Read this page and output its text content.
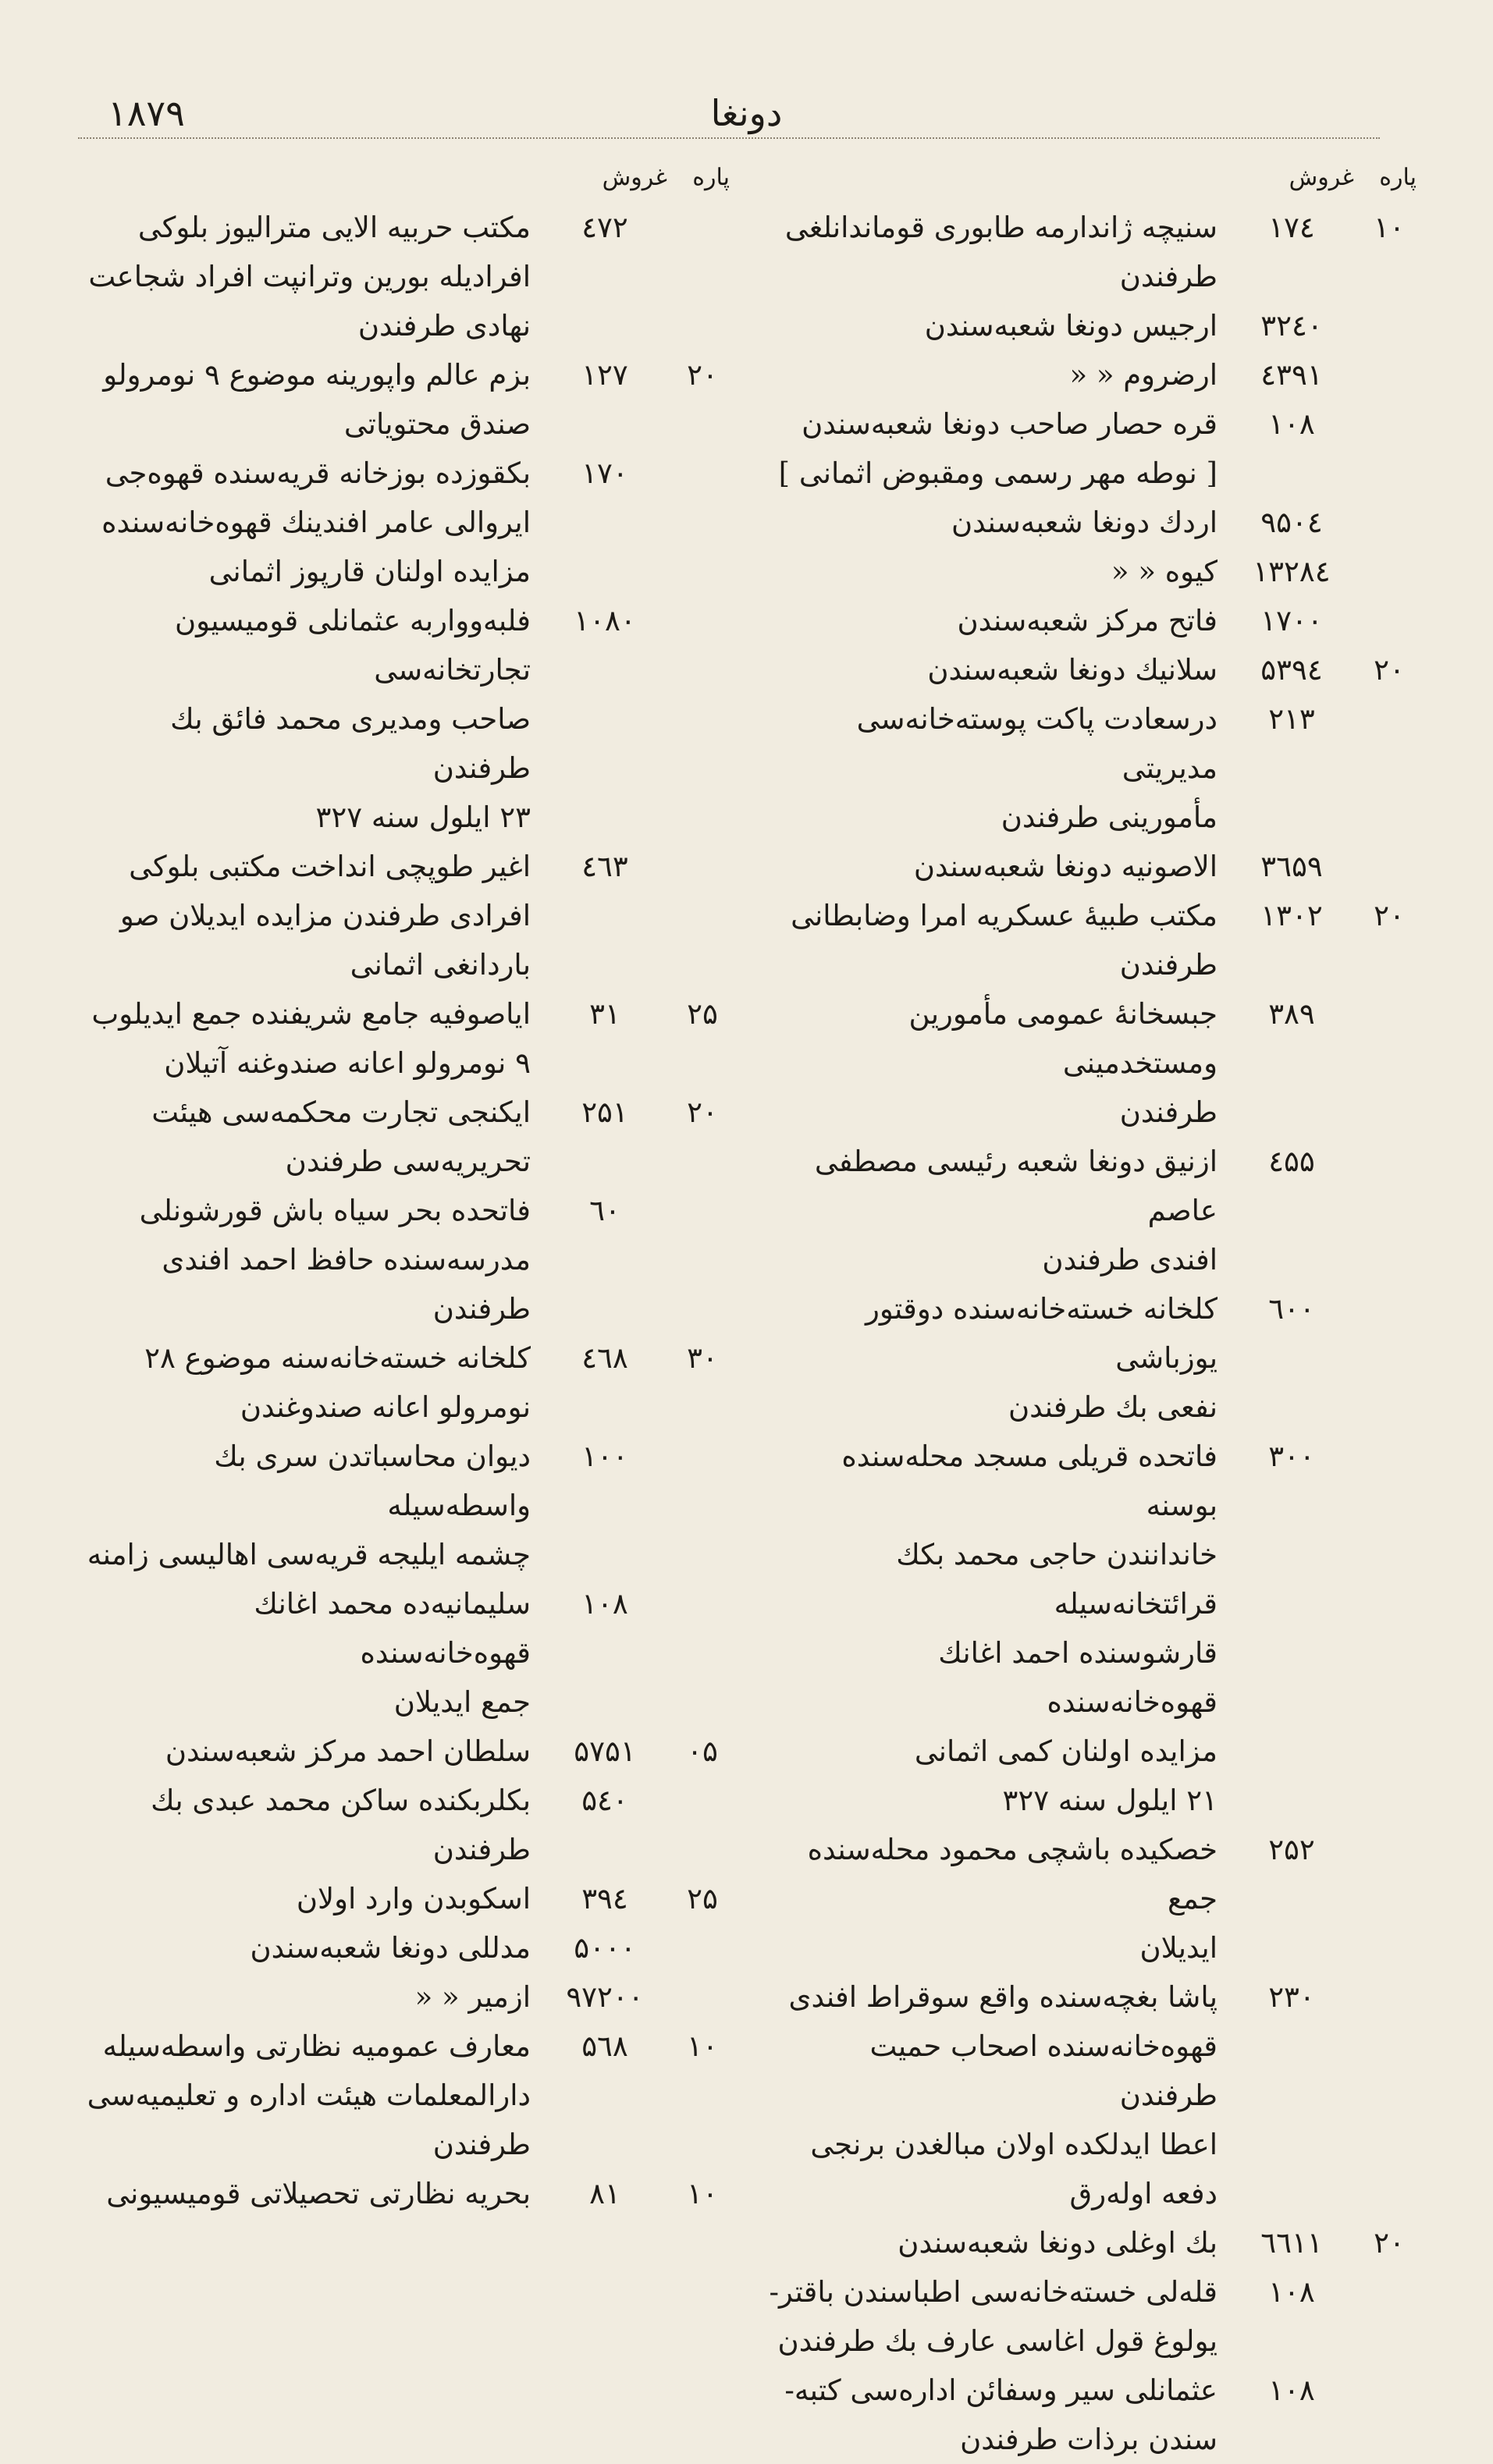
۱۸۷۹	دونغا
پاره
غروش
۱۰
۱۷٤
سنیچه ژاندارمه طابوری قوماندانلغی
طرفندن
۳۲٤۰
ارجیس دونغا شعبه‌سندن
٤۳۹۱
ارضروم « «
۱۰۸
قره حصار صاحب دونغا شعبه‌سندن
[ نوطه مهر رسمی ومقبوض اثمانی ]
۹۵۰٤
اردك دونغا شعبه‌سندن
۱۳۲۸٤
کیوه « «
۱۷۰۰
فاتح مرکز شعبه‌سندن
۲۰
۵۳۹٤
سلانیك دونغا شعبه‌سندن
۲۱۳
درسعادت پاکت پوسته‌خانه‌سی مدیریتی
مأمورینی طرفندن
۳٦۵۹
الاصونیه دونغا شعبه‌سندن
۲۰
۱۳۰۲
مکتب طبیهٔ عسکریه امرا وضابطانی
طرفندن
۳۸۹
جبسخانهٔ عمومی مأمورین ومستخدمینی
طرفندن
٤۵۵
ازنیق دونغا شعبه رئیسی مصطفی عاصم
افندی طرفندن
٦۰۰
کلخانه خسته‌خانه‌سنده دوقتور یوزباشی
نفعی بك طرفندن
۳۰۰
فاتحده قریلی مسجد محله‌سنده بوسنه
خاندانندن حاجی محمد بکك قرائتخانه‌سیله
قارشوسنده احمد اغانك قهوه‌خانه‌سنده
مزایده اولنان کمی اثمانی
۲۱ ایلول سنه ۳۲۷
۲۵۲
خصکیده باشچی محمود محله‌سنده جمع
ایدیلان
۲۳۰
پاشا بغچه‌سنده واقع سوقراط افندی
قهوه‌خانه‌سنده اصحاب حمیت طرفندن
اعطا ایدلکده اولان مبالغدن برنجی
دفعه اوله‌رق
۲۰
٦٦۱۱
بك اوغلی دونغا شعبه‌سندن
۱۰۸
قله‌لی خسته‌خانه‌سی اطباسندن باقتر-
یولوغ قول اغاسی عارف بك طرفندن
۱۰۸
عثمانلی سیر وسفائن اداره‌سی کتبه-
سندن برذات طرفندن
پاره
غروش
٤۷۲
مکتب حربیه الایی مترالیوز بلوکی
افرادیله بورین وترانپت افراد شجاعت
نهادی طرفندن
۲۰
۱۲۷
بزم عالم واپورینه موضوع ۹ نومرولو
صندق محتویاتی
۱۷۰
بکقوزده بوزخانه قریه‌سنده قهوه‌جی
ایروالی عامر افندینك قهوه‌خانه‌سنده
مزایده اولنان قارپوز اثمانی
۱۰۸۰
فلبه‌وواربه عثمانلی قومیسیون تجارتخانه‌سی
صاحب ومدیری محمد فائق بك طرفندن
۲۳ ایلول سنه ۳۲۷
٤٦۳
اغیر طوپچی انداخت مکتبی بلوکی
افرادی طرفندن مزایده ایدیلان صو
باردانغی اثمانی
۲۵
۳۱
ایاصوفیه جامع شریفنده جمع ایدیلوب
۹ نومرولو اعانه صندوغنه آتیلان
۲۰
۲۵۱
ایکنجی تجارت محکمه‌سی هیئت
تحریریه‌سی طرفندن
٦۰
فاتحده بحر سیاه باش قورشونلی
مدرسه‌سنده حافظ احمد افندی
طرفندن
۳۰
٤٦۸
کلخانه خسته‌خانه‌سنه موضوع ۲۸
نومرولو اعانه صندوغندن
۱۰۰
دیوان محاسباتدن سری بك واسطه‌سیله
چشمه ایلیجه قریه‌سی اهالیسی زامنه
۱۰۸
سلیمانیه‌ده محمد اغانك قهوه‌خانه‌سنده
جمع ایدیلان
۰۵
۵۷۵۱
سلطان احمد مرکز شعبه‌سندن
۵٤۰
بکلربکنده ساکن محمد عبدی بك
طرفندن
۲۵
۳۹٤
اسکوبدن وارد اولان
۵۰۰۰
مدللی دونغا شعبه‌سندن
۹۷۲۰۰
ازمیر « «
۱۰
۵٦۸
معارف عمومیه نظارتی واسطه‌سیله
دارالمعلمات هیئت اداره و تعلیمیه‌سی
طرفندن
۱۰
۸۱
بحریه نظارتی تحصیلاتی قومیسیونی
